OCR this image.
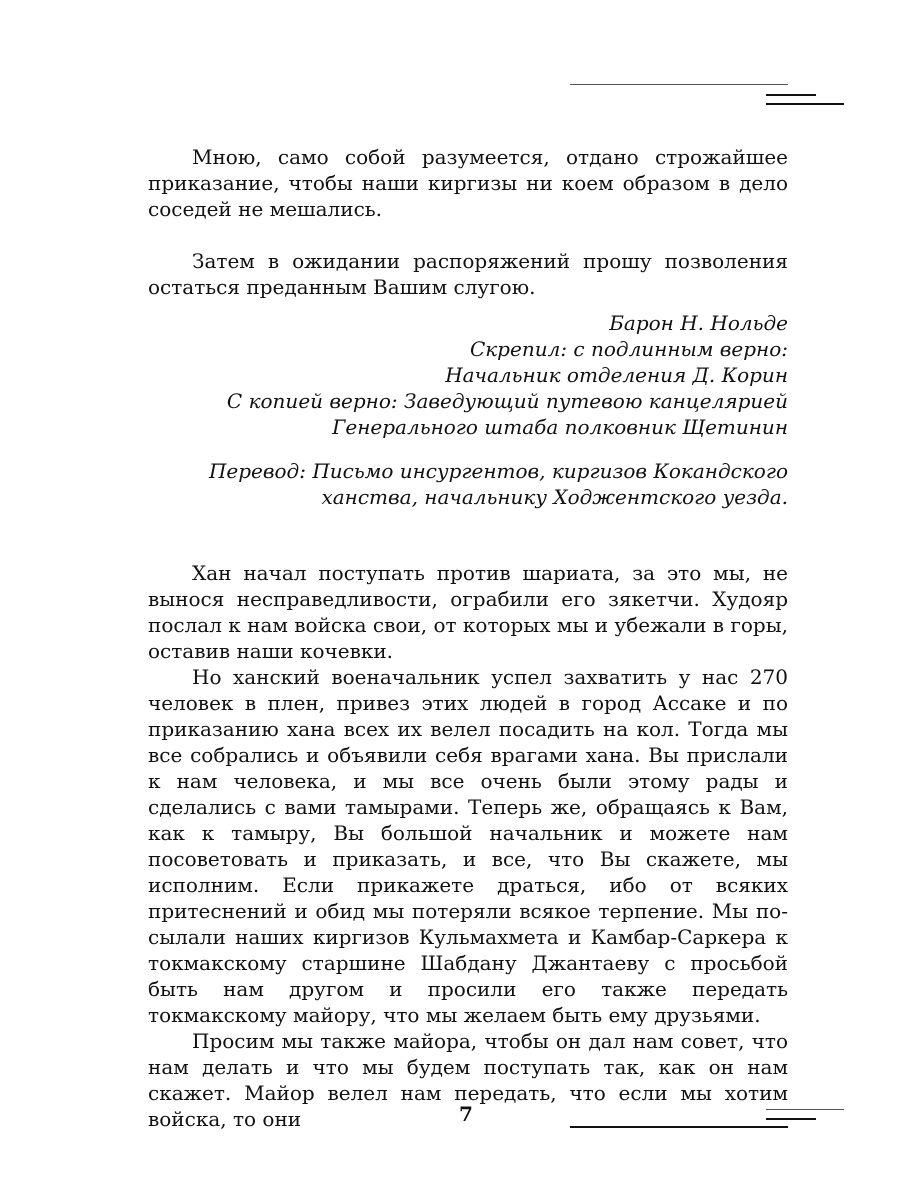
Мною, само собой разумеется, отдано строжайшее приказание, чтобы наши киргизы ни коем образом в дело соседей не мешались.

Затем в ожидании распоряжений прошу позволения остаться преданным Вашим слугою.

Барон Н. Нольде
Скрепил: с подлинным верно:
Начальник отделения Д. Корин
С копией верно: Заведующий путевою канцелярией
Генерального штаба полковник Щетинин
Перевод: Письмо инсургентов, киргизов Кокандского
ханства, начальнику Ходжентского уезда.

Хан начал поступать против шариата, за это мы, не вынося несправедливости, ограбили его зякетчи. Худояр послал к нам войска свои, от которых мы и убежали в горы, оставив наши кочевки.

Но ханский военачальник успел захватить у нас 270 человек в плен, привез этих людей в город Ассаке и по приказанию хана всех их велел посадить на кол. Тогда мы все собрались и объявили себя врагами хана. Вы прислали к нам человека, и мы все очень были этому рады и сделались с вами тамырами. Теперь же, обращаясь к Вам, как к тамыру, Вы большой начальник и можете нам посоветовать и приказать, и все, что Вы скажете, мы исполним. Если прикажете драться, ибо от всяких притеснений и обид мы потеряли всякое терпение. Мы посылали наших киргизов Кульмахмета и Камбар-Саркера к токмакскому старшине Шабдану Джантаеву с просьбой быть нам другом и просили его также передать токмакскому майору, что мы желаем быть ему друзьями.

Просим мы также майора, чтобы он дал нам совет, что нам делать и что мы будем поступать так, как он нам скажет. Майор велел нам передать, что если мы хотим войска, то они	7
